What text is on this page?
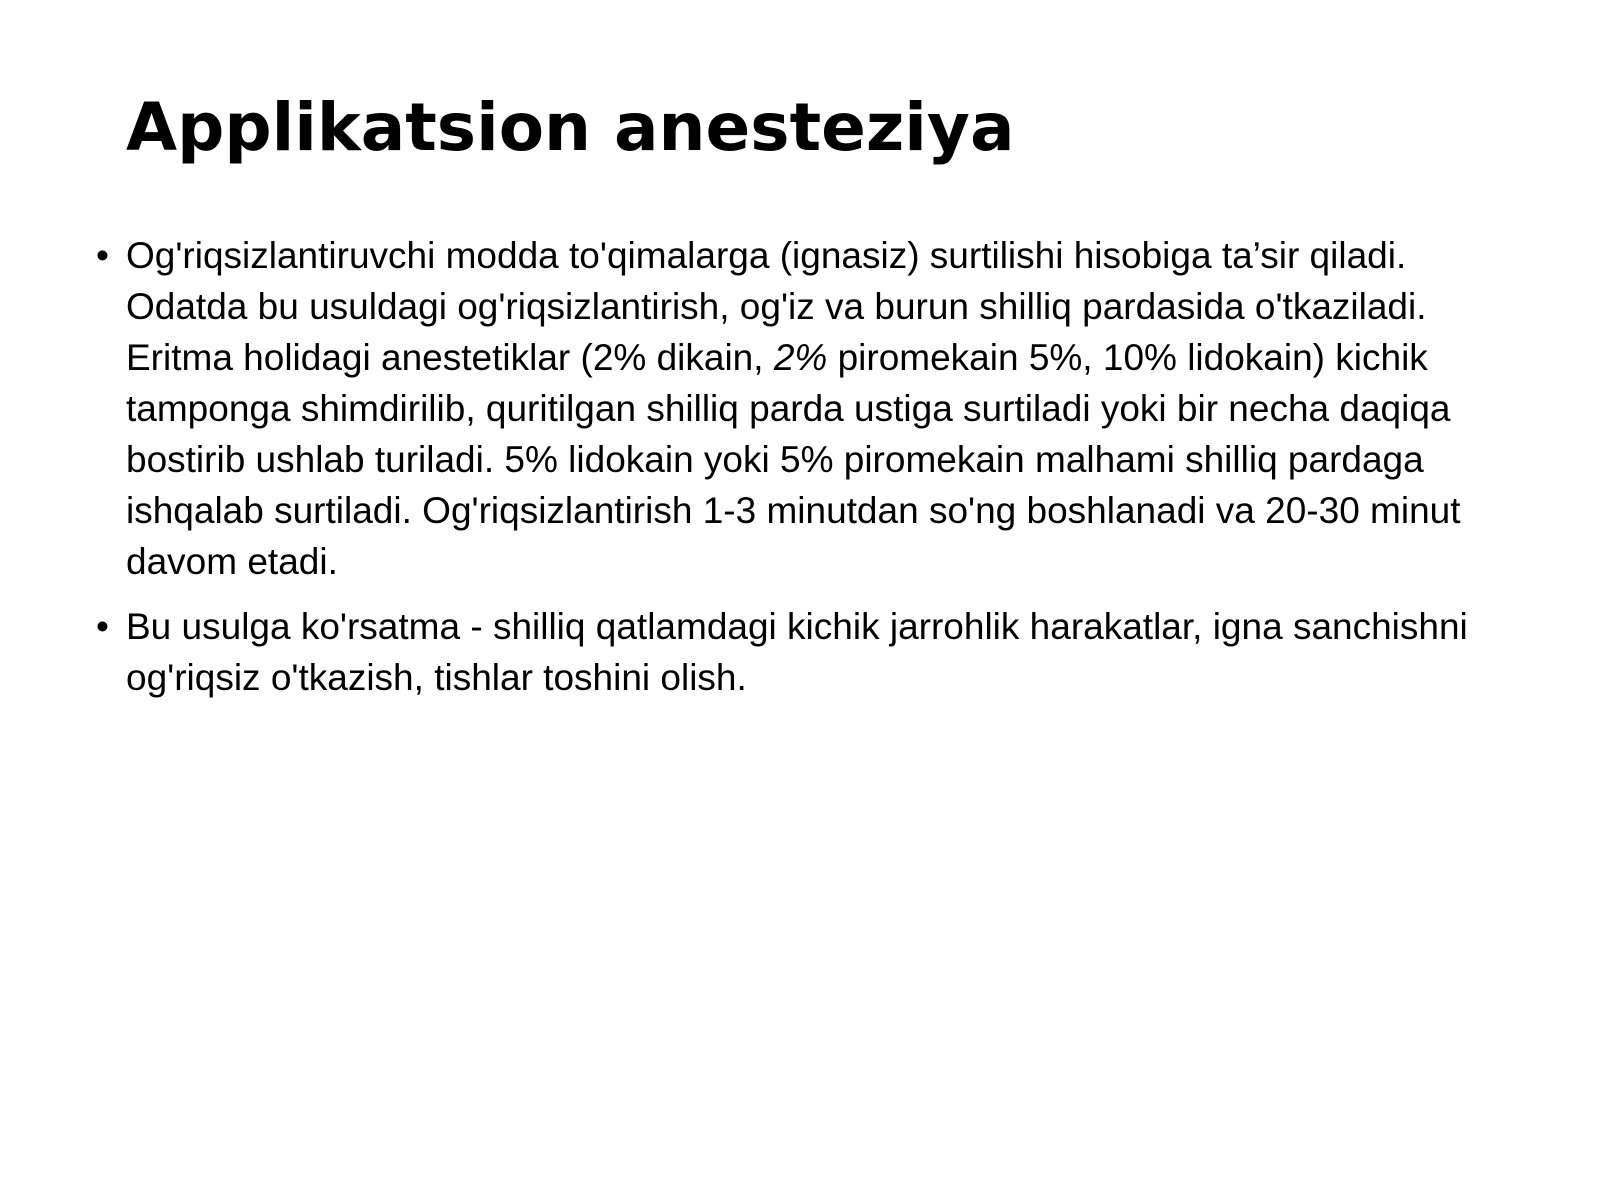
Applikatsion anesteziya
• Og'riqsizlantiruvchi modda to'qimalarga (ignasiz) surtilishi hisobiga ta’sir qiladi. Odatda bu usuldagi og'riqsizlantirish, og'iz va burun shilliq pardasida o'tkaziladi. Eritma holidagi anestetiklar (2% dikain, 2% piromekain 5%, 10% lidokain) kichik tamponga shimdirilib, quritilgan shilliq parda ustiga surtiladi yoki bir necha daqiqa bostirib ushlab turiladi. 5% lidokain yoki 5% piromekain malhami shilliq pardaga ishqalab surtiladi. Og'riqsizlantirish 1-3 minutdan so'ng boshlanadi va 20-30 minut davom etadi.
• Bu usulga ko'rsatma - shilliq qatlamdagi kichik jarrohlik harakatlar, igna sanchishni og'riqsiz o'tkazish, tishlar toshini olish.
